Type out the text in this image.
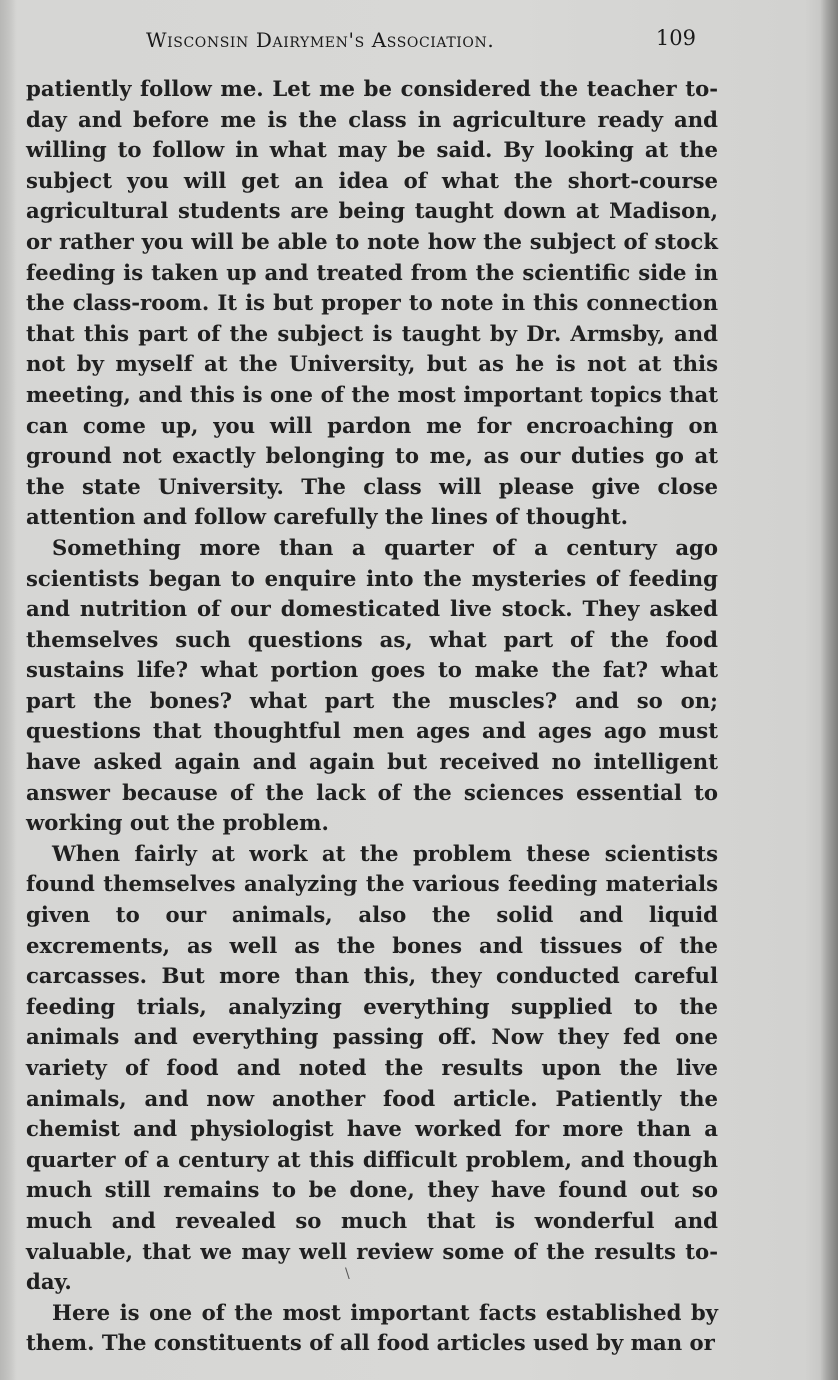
Wisconsin Dairymen's Association.	109

patiently follow me. Let me be considered the teacher to-day and before me is the class in agriculture ready and willing to follow in what may be said. By looking at the subject you will get an idea of what the short-course agricultural students are being taught down at Madison, or rather you will be able to note how the subject of stock feeding is taken up and treated from the scientific side in the class-room. It is but proper to note in this connection that this part of the subject is taught by Dr. Armsby, and not by myself at the University, but as he is not at this meeting, and this is one of the most important topics that can come up, you will pardon me for encroaching on ground not exactly belonging to me, as our duties go at the state University. The class will please give close attention and follow carefully the lines of thought.

Something more than a quarter of a century ago scientists began to enquire into the mysteries of feeding and nutrition of our domesticated live stock. They asked themselves such questions as, what part of the food sustains life? what portion goes to make the fat? what part the bones? what part the muscles? and so on; questions that thoughtful men ages and ages ago must have asked again and again but received no intelligent answer because of the lack of the sciences essential to working out the problem.

When fairly at work at the problem these scientists found themselves analyzing the various feeding materials given to our animals, also the solid and liquid excrements, as well as the bones and tissues of the carcasses. But more than this, they conducted careful feeding trials, analyzing everything supplied to the animals and everything passing off. Now they fed one variety of food and noted the results upon the live animals, and now another food article. Patiently the chemist and physiologist have worked for more than a quarter of a century at this difficult problem, and though much still remains to be done, they have found out so much and revealed so much that is wonderful and valuable, that we may well review some of the results to-day.

Here is one of the most important facts established by them. The constituents of all food articles used by man or

\
